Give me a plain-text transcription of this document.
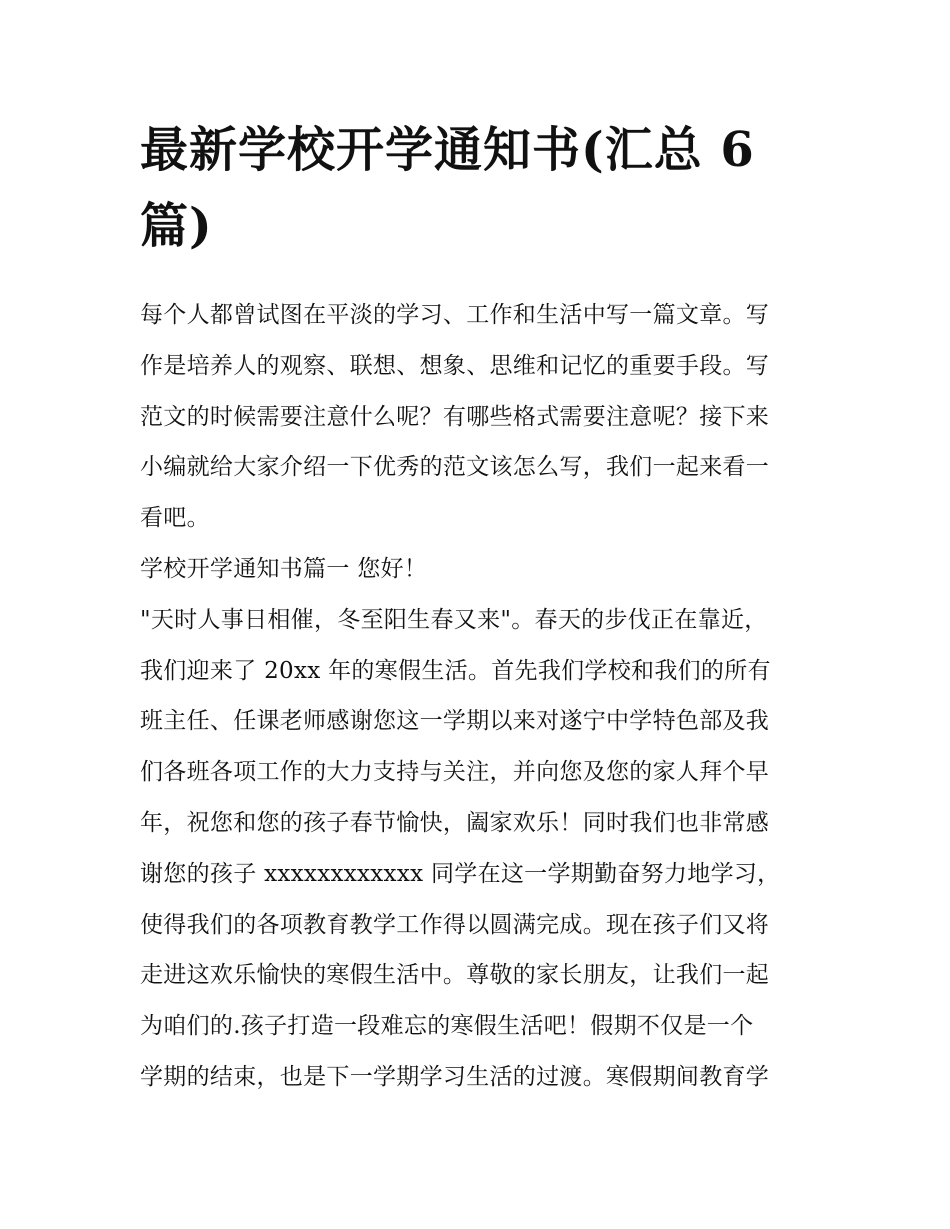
最新学校开学通知书(汇总 6
篇)
每个人都曾试图在平淡的学习、工作和生活中写一篇文章。写
作是培养人的观察、联想、想象、思维和记忆的重要手段。写
范文的时候需要注意什么呢？有哪些格式需要注意呢？接下来
小编就给大家介绍一下优秀的范文该怎么写，我们一起来看一
看吧。
学校开学通知书篇一 您好！
"天时人事日相催，冬至阳生春又来"。春天的步伐正在靠近，
我们迎来了 20xx 年的寒假生活。首先我们学校和我们的所有
班主任、任课老师感谢您这一学期以来对遂宁中学特色部及我
们各班各项工作的大力支持与关注，并向您及您的家人拜个早
年，祝您和您的孩子春节愉快，阖家欢乐！同时我们也非常感
谢您的孩子 xxxxxxxxxxxx 同学在这一学期勤奋努力地学习，
使得我们的各项教育教学工作得以圆满完成。现在孩子们又将
走进这欢乐愉快的寒假生活中。尊敬的家长朋友，让我们一起
为咱们的.孩子打造一段难忘的寒假生活吧！假期不仅是一个
学期的结束，也是下一学期学习生活的过渡。寒假期间教育学
